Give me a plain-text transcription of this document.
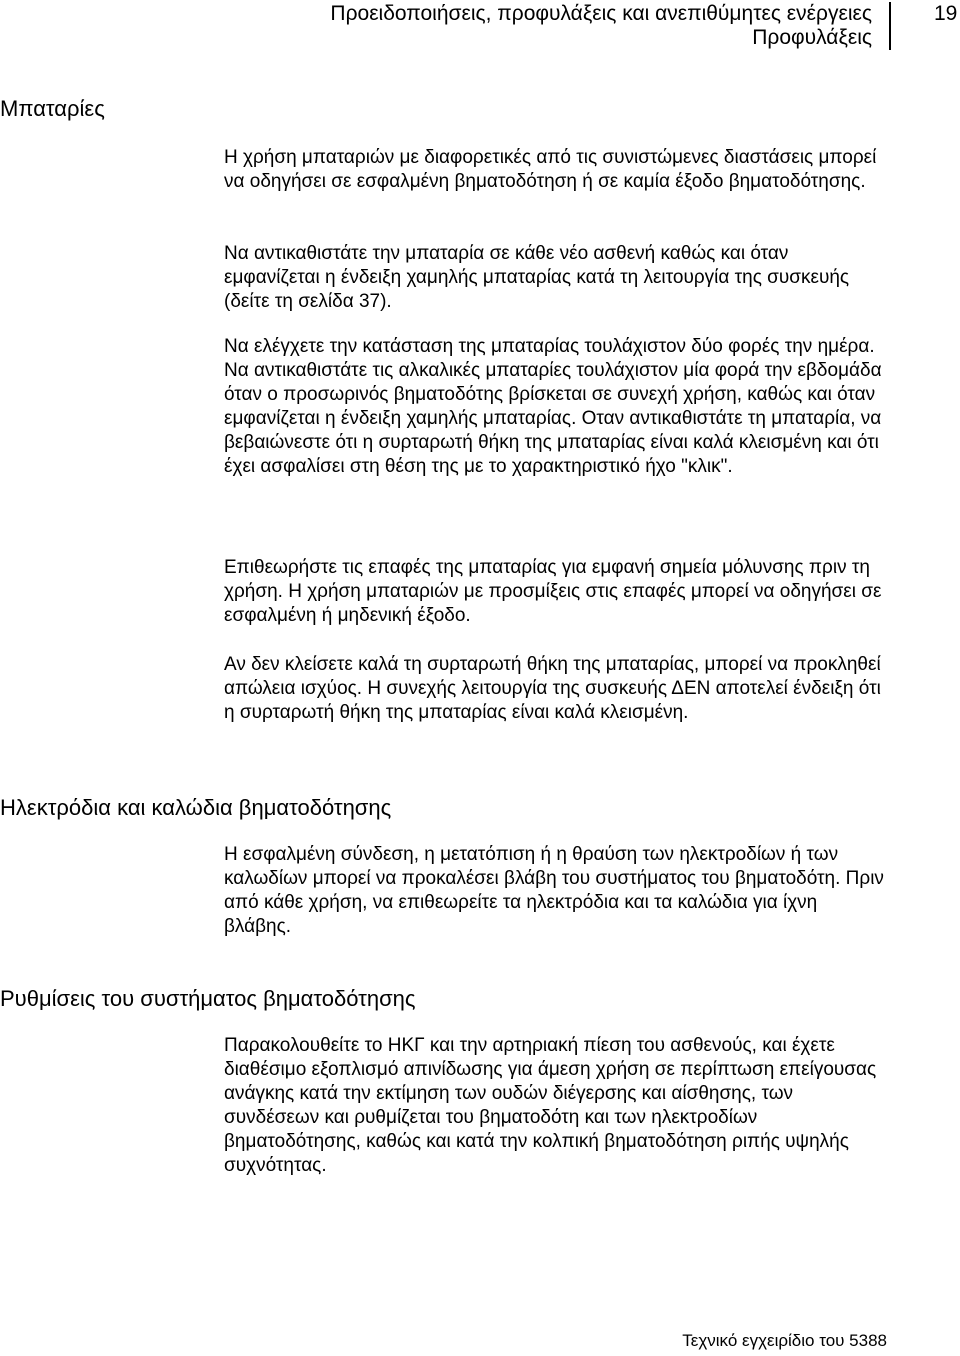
Προειδοποιήσεις, προφυλάξεις και ανεπιθύμητες ενέργειες
Προφυλάξεις
19
Μπαταρίες

Η χρήση μπαταριών με διαφορετικές από τις συνιστώμενες διαστάσεις μπορεί να οδηγήσει σε εσφαλμένη βηματοδότηση ή σε καμία έξοδο βηματοδότησης.

Να αντικαθιστάτε την μπαταρία σε κάθε νέο ασθενή καθώς και όταν εμφανίζεται η ένδειξη χαμηλής μπαταρίας κατά τη λειτουργία της συσκευής (δείτε τη σελίδα 37).

Να ελέγχετε την κατάσταση της μπαταρίας τουλάχιστον δύο φορές την ημέρα. Να αντικαθιστάτε τις αλκαλικές μπαταρίες τουλάχιστον μία φορά την εβδομάδα όταν ο προσωρινός βηματοδότης βρίσκεται σε συνεχή χρήση, καθώς και όταν εμφανίζεται η ένδειξη χαμηλής μπαταρίας. Οταν αντικαθιστάτε τη μπαταρία, να βεβαιώνεστε ότι η συρταρωτή θήκη της μπαταρίας είναι καλά κλεισμένη και ότι έχει ασφαλίσει στη θέση της με το χαρακτηριστικό ήχο "κλικ".

Επιθεωρήστε τις επαφές της μπαταρίας για εμφανή σημεία μόλυνσης πριν τη χρήση. Η χρήση μπαταριών με προσμίξεις στις επαφές μπορεί να οδηγήσει σε εσφαλμένη ή μηδενική έξοδο.

Αν δεν κλείσετε καλά τη συρταρωτή θήκη της μπαταρίας, μπορεί να προκληθεί απώλεια ισχύος. Η συνεχής λειτουργία της συσκευής ΔΕΝ αποτελεί ένδειξη ότι η συρταρωτή θήκη της μπαταρίας είναι καλά κλεισμένη.

Ηλεκτρόδια και καλώδια βηματοδότησης

Η εσφαλμένη σύνδεση, η μετατόπιση ή η θραύση των ηλεκτροδίων ή των καλωδίων μπορεί να προκαλέσει βλάβη του συστήματος του βηματοδότη. Πριν από κάθε χρήση, να επιθεωρείτε τα ηλεκτρόδια και τα καλώδια για ίχνη βλάβης.

Ρυθμίσεις του συστήματος βηματοδότησης

Παρακολουθείτε το ΗΚΓ και την αρτηριακή πίεση του ασθενούς, και έχετε διαθέσιμο εξοπλισμό απινίδωσης για άμεση χρήση σε περίπτωση επείγουσας ανάγκης κατά την εκτίμηση των ουδών διέγερσης και αίσθησης, των συνδέσεων και ρυθμίζεται του βηματοδότη και των ηλεκτροδίων βηματοδότησης, καθώς και κατά την κολπική βηματοδότηση ριπής υψηλής συχνότητας.

Τεχνικό εγχειρίδιο του 5388
